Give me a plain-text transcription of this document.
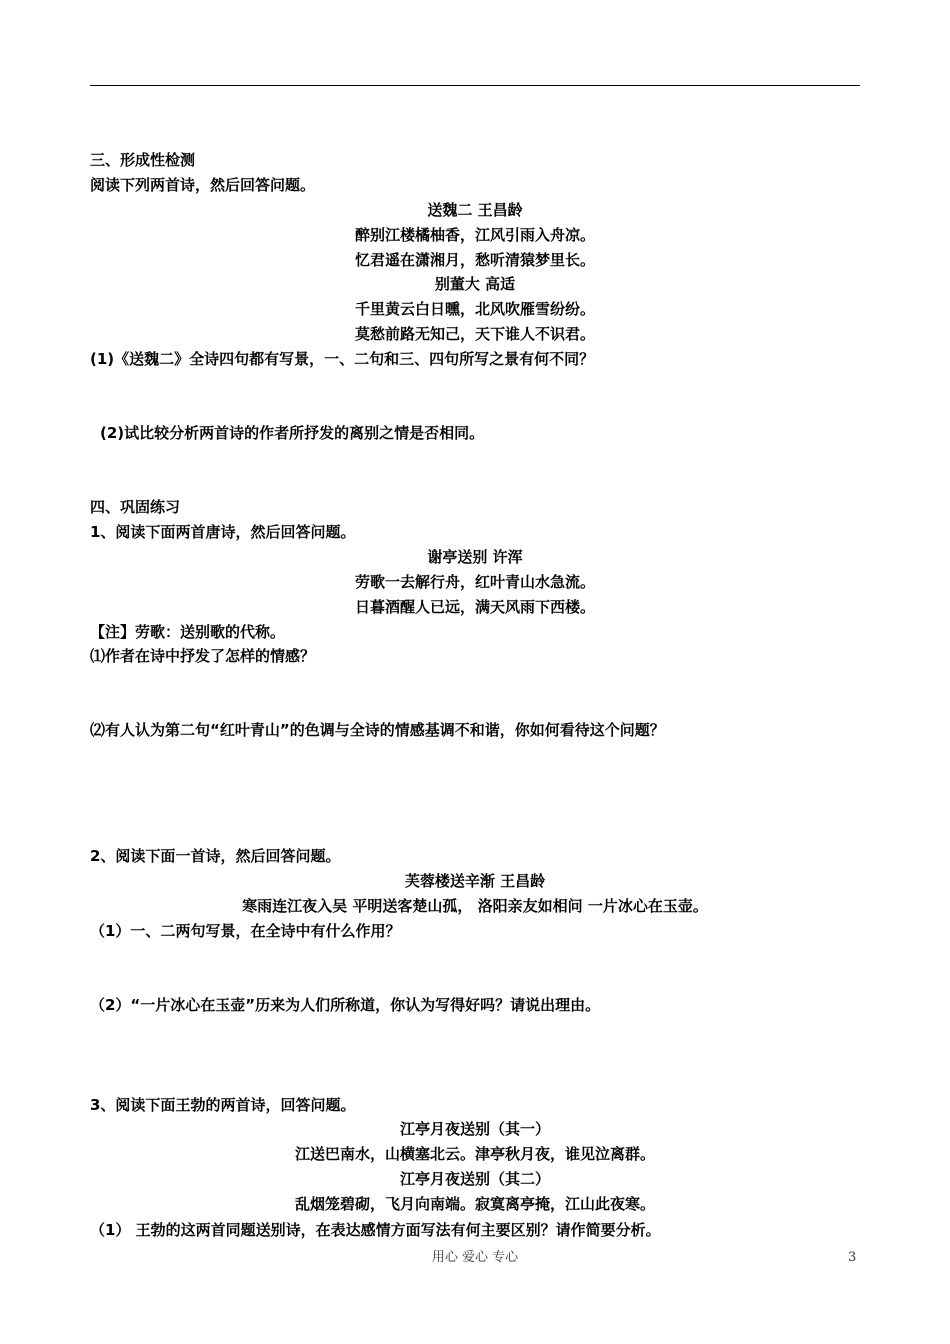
三、形成性检测
阅读下列两首诗，然后回答问题。
送魏二 王昌龄
醉别江楼橘柚香，江风引雨入舟凉。
忆君遥在潇湘月，愁听清猿梦里长。
别董大 高适
千里黄云白日曛，北风吹雁雪纷纷。
莫愁前路无知己，天下谁人不识君。
(1)《送魏二》全诗四句都有写景，一、二句和三、四句所写之景有何不同？
(2)试比较分析两首诗的作者所抒发的离别之情是否相同。
四、巩固练习
1、阅读下面两首唐诗，然后回答问题。
谢亭送别 许浑
劳歌一去解行舟，红叶青山水急流。
日暮酒醒人已远，满天风雨下西楼。
【注】劳歌：送别歌的代称。
⑴作者在诗中抒发了怎样的情感？
⑵有人认为第二句“红叶青山”的色调与全诗的情感基调不和谐，你如何看待这个问题？
2、阅读下面一首诗，然后回答问题。
芙蓉楼送辛渐 王昌龄
寒雨连江夜入吴 平明送客楚山孤， 洛阳亲友如相问 一片冰心在玉壶。
（1）一、二两句写景，在全诗中有什么作用？
（2）“一片冰心在玉壶”历来为人们所称道，你认为写得好吗？请说出理由。
3、阅读下面王勃的两首诗，回答问题。
江亭月夜送别（其一）
江送巴南水，山横塞北云。津亭秋月夜，谁见泣离群。
江亭月夜送别（其二）
乱烟笼碧砌，飞月向南端。寂寞离亭掩，江山此夜寒。
（1） 王勃的这两首同题送别诗，在表达感情方面写法有何主要区别？请作简要分析。
用心 爱心 专心	3
